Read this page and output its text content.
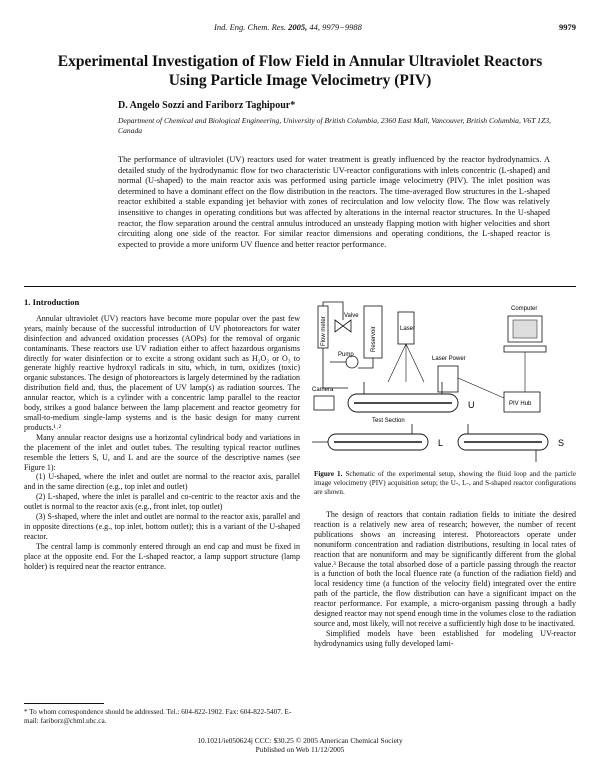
Ind. Eng. Chem. Res. 2005, 44, 9979−9988	9979
Experimental Investigation of Flow Field in Annular Ultraviolet Reactors Using Particle Image Velocimetry (PIV)
D. Angelo Sozzi and Fariborz Taghipour*
Department of Chemical and Biological Engineering, University of British Columbia, 2360 East Mall, Vancouver, British Columbia, V6T 1Z3, Canada

The performance of ultraviolet (UV) reactors used for water treatment is greatly influenced by the reactor hydrodynamics. A detailed study of the hydrodynamic flow for two characteristic UV-reactor configurations with inlets concentric (L-shaped) and normal (U-shaped) to the main reactor axis was performed using particle image velocimetry (PIV). The inlet position was determined to have a dominant effect on the flow distribution in the reactors. The time-averaged flow structures in the L-shaped reactor exhibited a stable expanding jet behavior with zones of recirculation and low velocity flow. The flow was relatively insensitive to changes in operating conditions but was affected by alterations in the internal reactor structures. In the U-shaped reactor, the flow separation around the central annulus introduced an unsteady flapping motion with higher velocities and short circuiting along one side of the reactor. For similar reactor dimensions and operating conditions, the L-shaped reactor is expected to provide a more uniform UV fluence and better reactor performance.

1. Introduction

Annular ultraviolet (UV) reactors have become more popular over the past few years, mainly because of the successful introduction of UV photoreactors for water disinfection and advanced oxidation processes (AOPs) for the removal of organic contaminants. These reactors use UV radiation either to affect hazardous organisms directly for water disinfection or to excite a strong oxidant such as H₂O₂ or O₃ to generate highly reactive hydroxyl radicals in situ, which, in turn, oxidizes (toxic) organic substances. The design of photoreactors is largely determined by the radiation distribution field and, thus, the placement of UV lamp(s) as radiation sources. The annular reactor, which is a cylinder with a concentric lamp parallel to the reactor body, strikes a good balance between the lamp placement and reactor geometry for small-to-medium single-lamp systems and is the basic design for many current products.¹˒²

Many annular reactor designs use a horizontal cylindrical body and variations in the placement of the inlet and outlet tubes. The resulting typical reactor outlines resemble the letters S, U, and L and are the source of the descriptive names (see Figure 1):

(1) U-shaped, where the inlet and outlet are normal to the reactor axis, parallel and in the same direction (e.g., top inlet and outlet)

(2) L-shaped, where the inlet is parallel and co-centric to the reactor axis and the outlet is normal to the reactor axis (e.g., front inlet, top outlet)

(3) S-shaped, where the inlet and outlet are normal to the reactor axis, parallel and in opposite directions (e.g., top inlet, bottom outlet); this is a variant of the U-shaped reactor.

The central lamp is commonly entered through an end cap and must be fixed in place at the opposite end. For the L-shaped reactor, a lamp support structure (lamp holder) is required near the reactor entrance.

* To whom correspondence should be addressed. Tel.: 604-822-1902. Fax: 604-822-5407. E-mail: fariborz@chml.ubc.ca.
Flow meter
Valve
Reservoir
Pump
Laser
Computer
Laser Power
PIV Hub
Camera
Test Section
U
L	S
Figure 1. Schematic of the experimental setup, showing the fluid loop and the particle image velocimetry (PIV) acquisition setup; the U-, L-, and S-shaped reactor configurations are shown.

The design of reactors that contain radiation fields to initiate the desired reaction is a relatively new area of research; however, the number of recent publications shows an increasing interest. Photoreactors operate under nonuniform concentration and radiation distributions, resulting in local rates of reaction that are nonuniform and may be significantly different from the global value.³ Because the total absorbed dose of a particle passing through the reactor is a function of both the local fluence rate (a function of the radiation field) and local residency time (a function of the velocity field) integrated over the entire path of the particle, the flow distribution can have a significant impact on the reactor performance. For example, a micro-organism passing through a badly designed reactor may not spend enough time in the volumes close to the radiation source and, most likely, will not receive a sufficiently high dose to be inactivated.

Simplified models have been established for modeling UV-reactor hydrodynamics using fully developed lami-

10.1021/ie050624j CCC: $30.25 © 2005 American Chemical Society
Published on Web 11/12/2005
